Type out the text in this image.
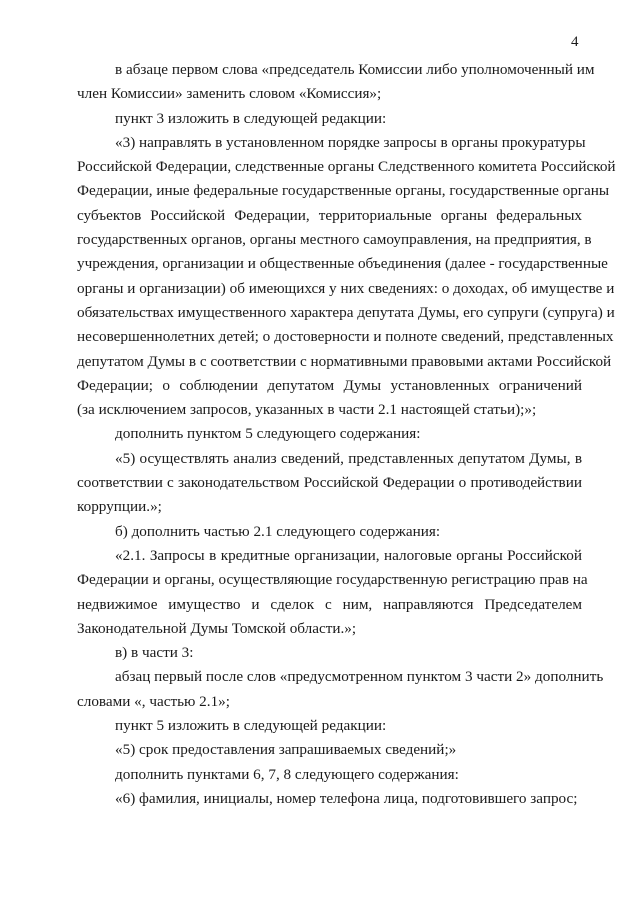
4
в абзаце первом слова «председатель Комиссии либо уполномоченный им
член Комиссии» заменить словом «Комиссия»;
пункт 3 изложить в следующей редакции:
«3) направлять в установленном порядке запросы в органы прокуратуры
Российской Федерации, следственные органы Следственного комитета Российской
Федерации, иные федеральные государственные органы, государственные органы
субъектов Российской Федерации, территориальные органы федеральных
государственных органов, органы местного самоуправления, на предприятия, в
учреждения, организации и общественные объединения (далее - государственные
органы и организации) об имеющихся у них сведениях: о доходах, об имуществе и
обязательствах имущественного характера депутата Думы, его супруги (супруга) и
несовершеннолетних детей; о достоверности и полноте сведений, представленных
депутатом Думы в с соответствии с нормативными правовыми актами Российской
Федерации; о соблюдении депутатом Думы установленных ограничений
(за исключением запросов, указанных в части 2.1 настоящей статьи);»;
дополнить пунктом 5 следующего содержания:
«5) осуществлять анализ сведений, представленных депутатом Думы, в
соответствии с законодательством Российской Федерации о противодействии
коррупции.»;
б) дополнить частью 2.1 следующего содержания:
«2.1. Запросы в кредитные организации, налоговые органы Российской
Федерации и органы, осуществляющие государственную регистрацию прав на
недвижимое имущество и сделок с ним, направляются Председателем
Законодательной Думы Томской области.»;
в) в части 3:
абзац первый после слов «предусмотренном пунктом 3 части 2» дополнить
словами «, частью 2.1»;
пункт 5 изложить в следующей редакции:
«5) срок предоставления запрашиваемых сведений;»
дополнить пунктами 6, 7, 8 следующего содержания:
«6) фамилия, инициалы, номер телефона лица, подготовившего запрос;
